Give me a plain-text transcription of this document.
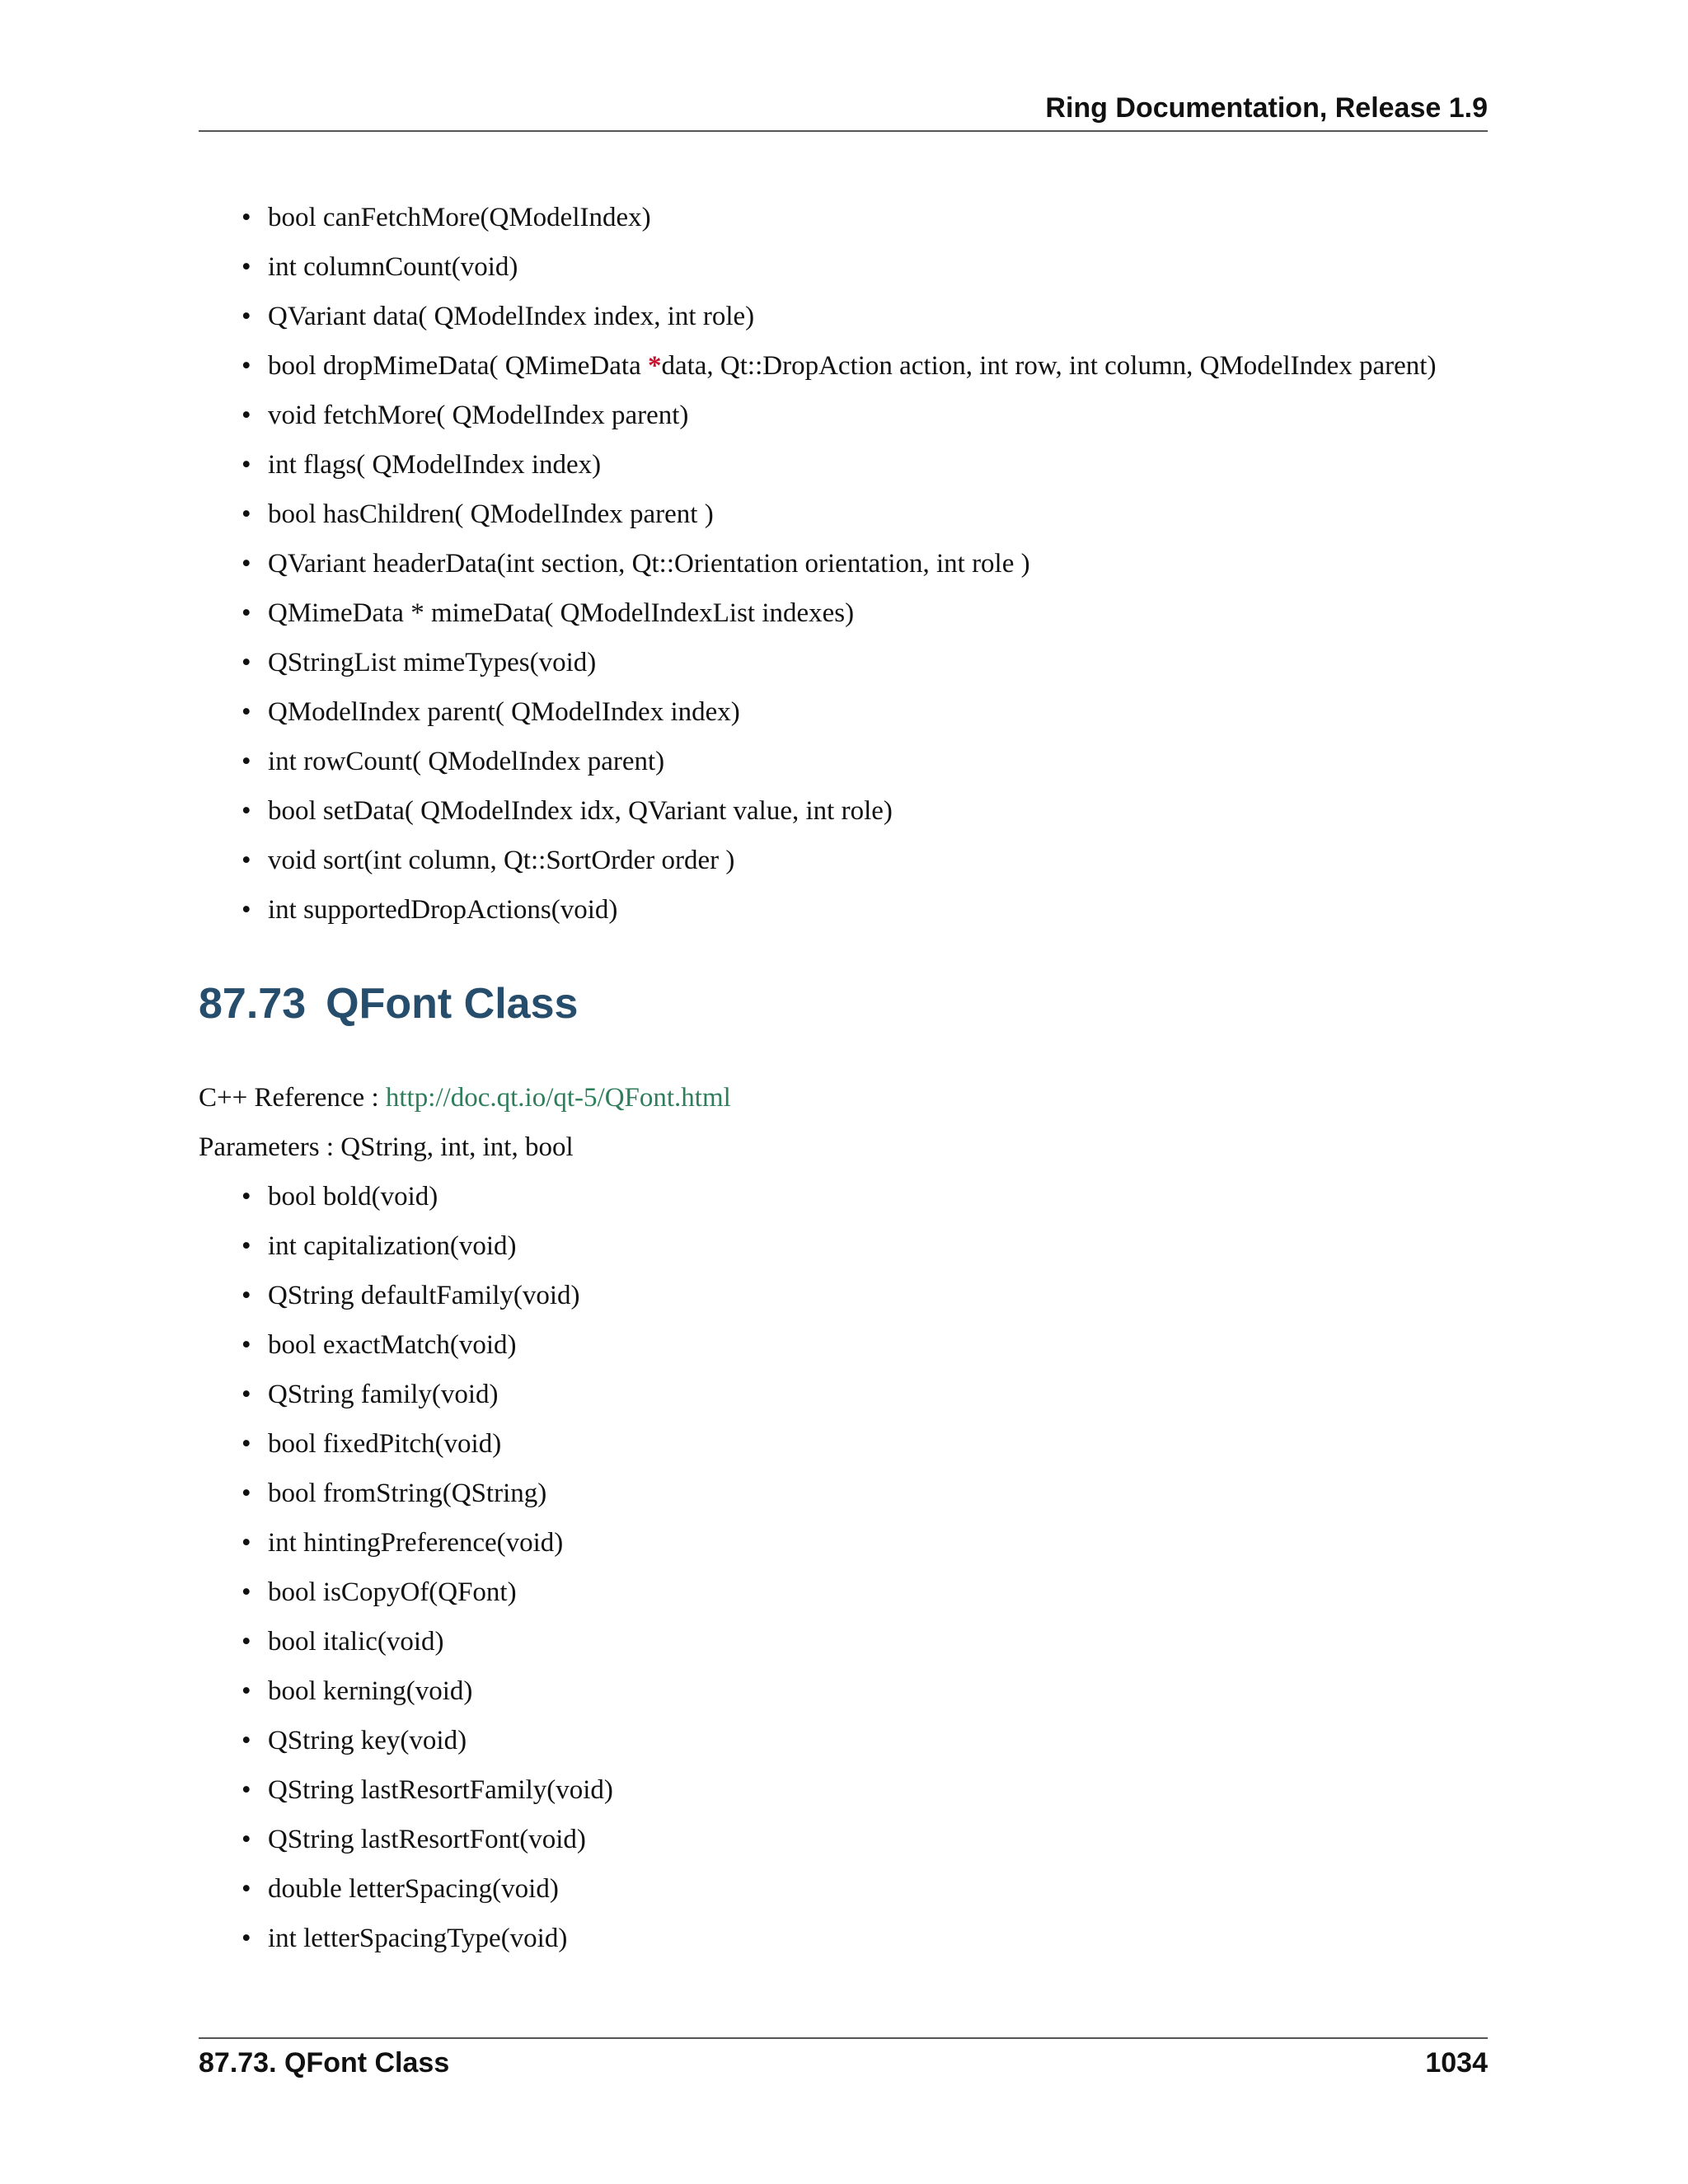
Ring Documentation, Release 1.9
• bool canFetchMore(QModelIndex)
• int columnCount(void)
• QVariant data( QModelIndex index, int role)
• bool dropMimeData( QMimeData *data, Qt::DropAction action, int row, int column, QModelIndex parent)
• void fetchMore( QModelIndex parent)
• int flags( QModelIndex index)
• bool hasChildren( QModelIndex parent )
• QVariant headerData(int section, Qt::Orientation orientation, int role )
• QMimeData * mimeData( QModelIndexList indexes)
• QStringList mimeTypes(void)
• QModelIndex parent( QModelIndex index)
• int rowCount( QModelIndex parent)
• bool setData( QModelIndex idx, QVariant value, int role)
• void sort(int column, Qt::SortOrder order )
• int supportedDropActions(void)
87.73 QFont Class
C++ Reference : http://doc.qt.io/qt-5/QFont.html
Parameters : QString, int, int, bool
• bool bold(void)
• int capitalization(void)
• QString defaultFamily(void)
• bool exactMatch(void)
• QString family(void)
• bool fixedPitch(void)
• bool fromString(QString)
• int hintingPreference(void)
• bool isCopyOf(QFont)
• bool italic(void)
• bool kerning(void)
• QString key(void)
• QString lastResortFamily(void)
• QString lastResortFont(void)
• double letterSpacing(void)
• int letterSpacingType(void)
87.73. QFont Class	1034
